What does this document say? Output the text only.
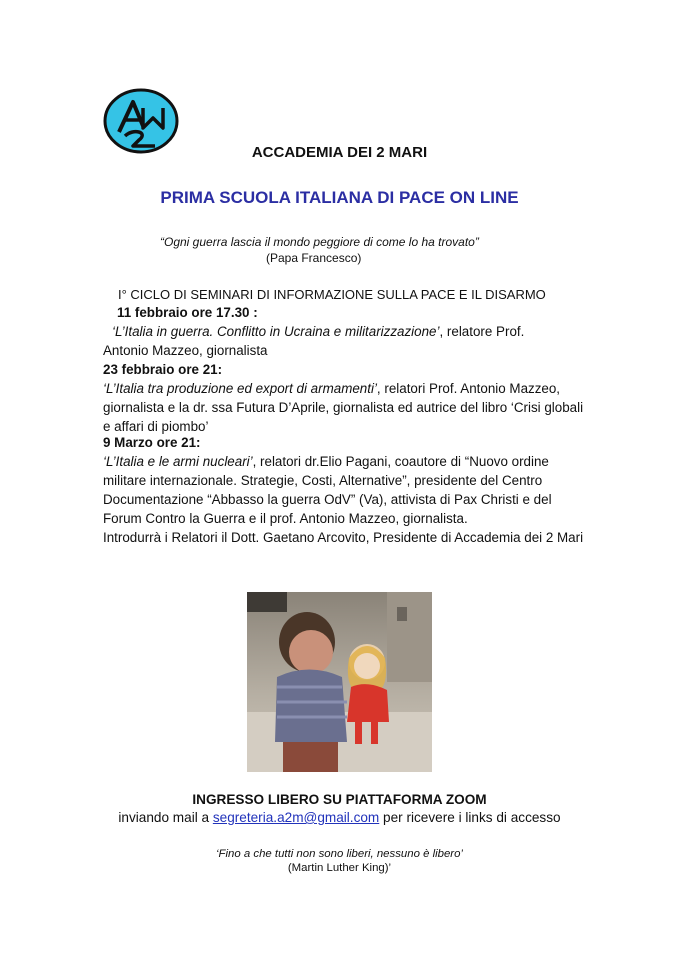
ACCADEMIA DEI 2 MARI
PRIMA SCUOLA ITALIANA DI PACE ON LINE
“Ogni guerra lascia il mondo peggiore di come lo ha trovato”
(Papa Francesco)
I° CICLO DI SEMINARI DI INFORMAZIONE SULLA PACE E IL DISARMO
11 febbraio ore 17.30 :
‘L’Italia in guerra. Conflitto in Ucraina e militarizzazione’, relatore Prof.
Antonio Mazzeo, giornalista
23 febbraio ore 21:
‘L’Italia tra produzione ed export di armamenti’, relatori Prof. Antonio Mazzeo, giornalista e la dr. ssa Futura D’Aprile, giornalista ed autrice del libro ‘Crisi globali e affari di piombo’
9 Marzo ore 21:
‘L’Italia e le armi nucleari’, relatori dr.Elio Pagani, coautore di “Nuovo ordine militare internazionale. Strategie, Costi, Alternative”, presidente del Centro Documentazione “Abbasso la guerra OdV” (Va), attivista di Pax Christi e del Forum Contro la Guerra e il prof. Antonio Mazzeo, giornalista.
Introdurrà i Relatori il Dott. Gaetano Arcovito, Presidente di Accademia dei 2 Mari
INGRESSO LIBERO SU PIATTAFORMA ZOOM
inviando mail a segreteria.a2m@gmail.com per ricevere i links di accesso
‘Fino a che tutti non sono liberi, nessuno è libero’
(Martin Luther King)’
